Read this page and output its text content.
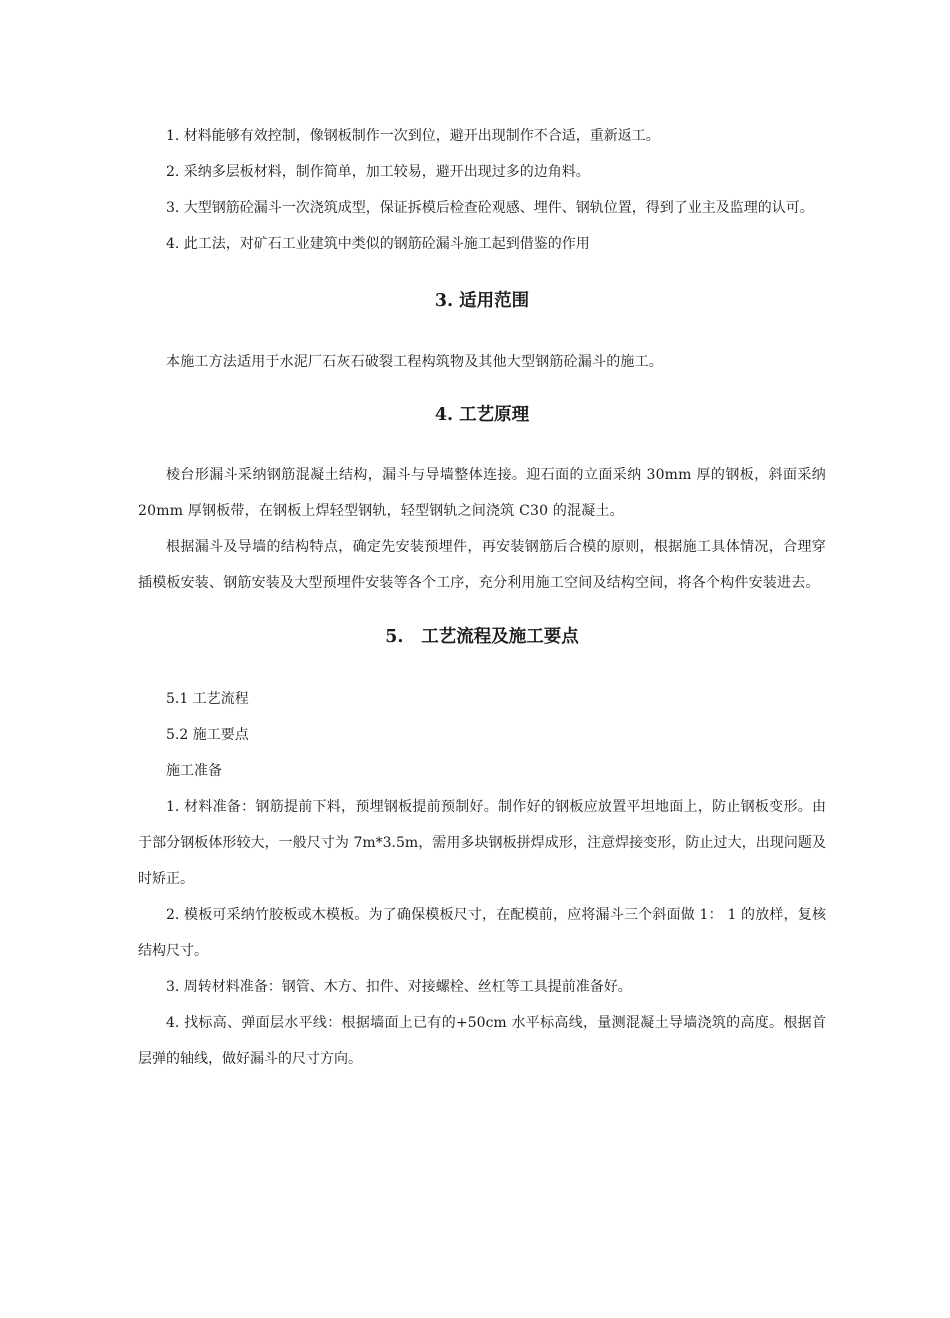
1. 材料能够有效控制，像钢板制作一次到位，避开出现制作不合适，重新返工。

2. 采纳多层板材料，制作简单，加工较易，避开出现过多的边角料。

3. 大型钢筋砼漏斗一次浇筑成型，保证拆模后检查砼观感、埋件、钢轨位置，得到了业主及监理的认可。

4. 此工法，对矿石工业建筑中类似的钢筋砼漏斗施工起到借鉴的作用

3. 适用范围

本施工方法适用于水泥厂石灰石破裂工程构筑物及其他大型钢筋砼漏斗的施工。

4. 工艺原理

棱台形漏斗采纳钢筋混凝土结构，漏斗与导墙整体连接。迎石面的立面采纳 30mm 厚的钢板，斜面采纳 20mm 厚钢板带，在钢板上焊轻型钢轨，轻型钢轨之间浇筑 C30 的混凝土。

根据漏斗及导墙的结构特点，确定先安装预埋件，再安装钢筋后合模的原则，根据施工具体情况，合理穿插模板安装、钢筋安装及大型预埋件安装等各个工序，充分利用施工空间及结构空间，将各个构件安装进去。

5. 工艺流程及施工要点

5.1 工艺流程

5.2 施工要点

施工准备

1. 材料准备：钢筋提前下料，预埋钢板提前预制好。制作好的钢板应放置平坦地面上，防止钢板变形。由于部分钢板体形较大，一般尺寸为 7m*3.5m，需用多块钢板拼焊成形，注意焊接变形，防止过大，出现问题及时矫正。

2. 模板可采纳竹胶板或木模板。为了确保模板尺寸，在配模前，应将漏斗三个斜面做 1： 1 的放样，复核结构尺寸。

3. 周转材料准备：钢管、木方、扣件、对接螺栓、丝杠等工具提前准备好。

4. 找标高、弹面层水平线：根据墙面上已有的+50cm 水平标高线，量测混凝土导墙浇筑的高度。根据首层弹的轴线，做好漏斗的尺寸方向。
